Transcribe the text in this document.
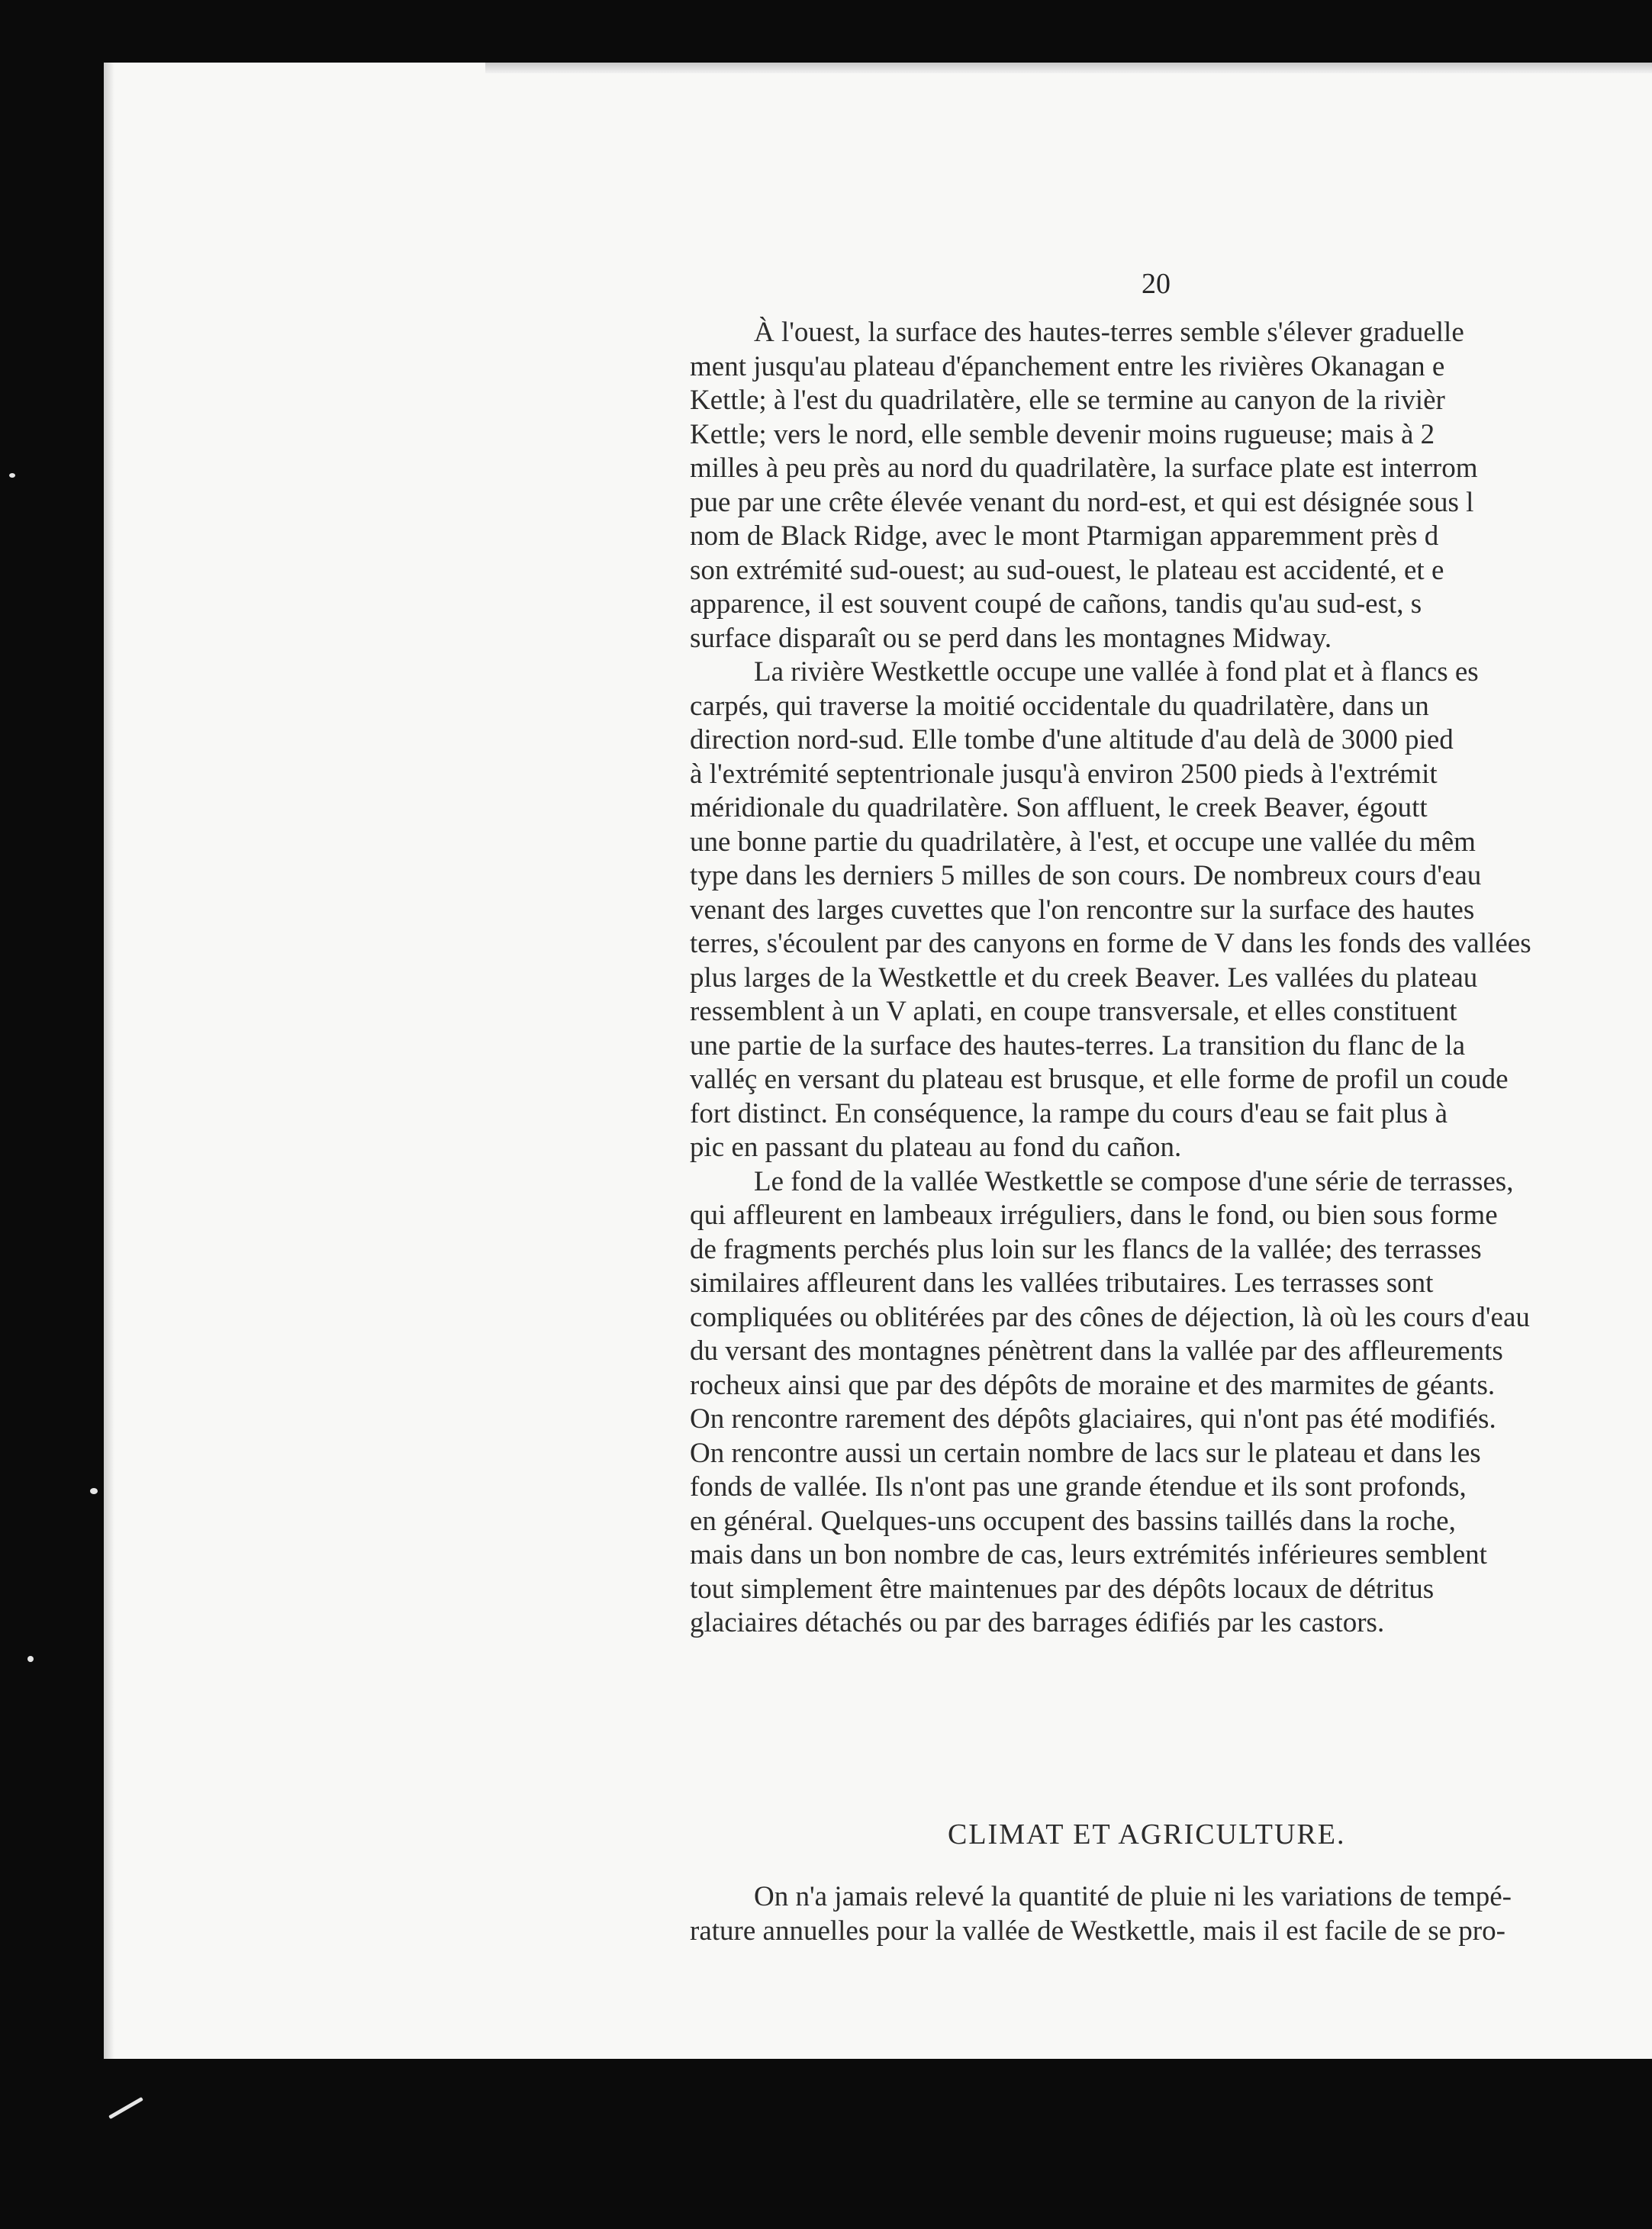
20

À l'ouest, la surface des hautes-terres semble s'élever graduelle
ment jusqu'au plateau d'épanchement entre les rivières Okanagan e
Kettle; à l'est du quadrilatère, elle se termine au canyon de la rivièr
Kettle; vers le nord, elle semble devenir moins rugueuse; mais à 2
milles à peu près au nord du quadrilatère, la surface plate est interrom
pue par une crête élevée venant du nord-est, et qui est désignée sous l
nom de Black Ridge, avec le mont Ptarmigan apparemment près d
son extrémité sud-ouest; au sud-ouest, le plateau est accidenté, et e
apparence, il est souvent coupé de cañons, tandis qu'au sud-est, s
surface disparaît ou se perd dans les montagnes Midway.

La rivière Westkettle occupe une vallée à fond plat et à flancs es
carpés, qui traverse la moitié occidentale du quadrilatère, dans un
direction nord-sud. Elle tombe d'une altitude d'au delà de 3000 pied
à l'extrémité septentrionale jusqu'à environ 2500 pieds à l'extrémit
méridionale du quadrilatère. Son affluent, le creek Beaver, égoutt
une bonne partie du quadrilatère, à l'est, et occupe une vallée du mêm
type dans les derniers 5 milles de son cours. De nombreux cours d'eau
venant des larges cuvettes que l'on rencontre sur la surface des hautes
terres, s'écoulent par des canyons en forme de V dans les fonds des vallées
plus larges de la Westkettle et du creek Beaver. Les vallées du plateau
ressemblent à un V aplati, en coupe transversale, et elles constituent
une partie de la surface des hautes-terres. La transition du flanc de la
valléç en versant du plateau est brusque, et elle forme de profil un coude
fort distinct. En conséquence, la rampe du cours d'eau se fait plus à
pic en passant du plateau au fond du cañon.

Le fond de la vallée Westkettle se compose d'une série de terrasses,
qui affleurent en lambeaux irréguliers, dans le fond, ou bien sous forme
de fragments perchés plus loin sur les flancs de la vallée; des terrasses
similaires affleurent dans les vallées tributaires. Les terrasses sont
compliquées ou oblitérées par des cônes de déjection, là où les cours d'eau
du versant des montagnes pénètrent dans la vallée par des affleurements
rocheux ainsi que par des dépôts de moraine et des marmites de géants.
On rencontre rarement des dépôts glaciaires, qui n'ont pas été modifiés.
On rencontre aussi un certain nombre de lacs sur le plateau et dans les
fonds de vallée. Ils n'ont pas une grande étendue et ils sont profonds,
en général. Quelques-uns occupent des bassins taillés dans la roche,
mais dans un bon nombre de cas, leurs extrémités inférieures semblent
tout simplement être maintenues par des dépôts locaux de détritus
glaciaires détachés ou par des barrages édifiés par les castors.

CLIMAT ET AGRICULTURE.
On n'a jamais relevé la quantité de pluie ni les variations de tempé-
rature annuelles pour la vallée de Westkettle, mais il est facile de se pro-
